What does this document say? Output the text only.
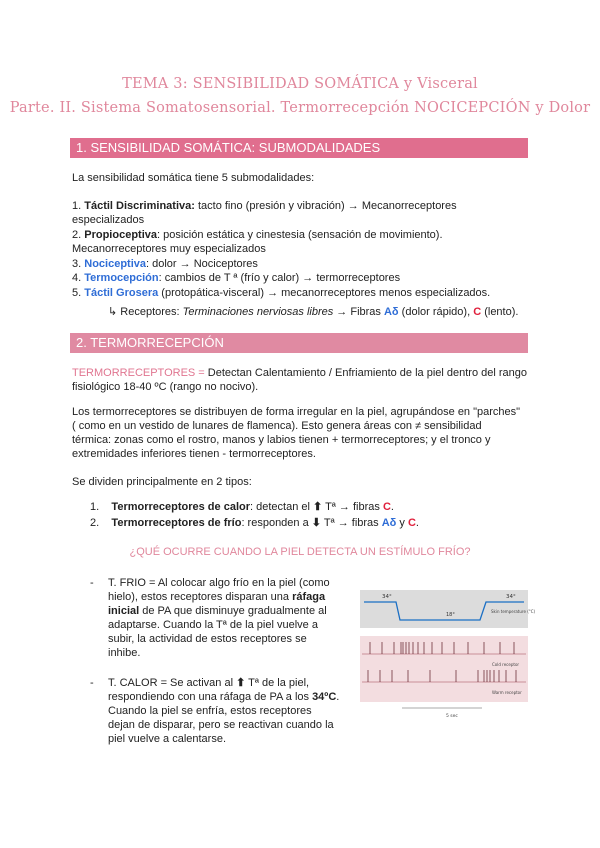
TEMA 3: SENSIBILIDAD SOMÁTICA y Visceral
Parte. II. Sistema Somatosensorial. Termorrecepción NOCICEPCIÓN y Dolor
1. SENSIBILIDAD SOMÁTICA: SUBMODALIDADES
La sensibilidad somática tiene 5 submodalidades:
1. Táctil Discriminativa: tacto fino (presión y vibración) → Mecanorreceptores
especializados
2. Propioceptiva: posición estática y cinestesia (sensación de movimiento).
Mecanorreceptores muy especializados
3. Nociceptiva: dolor → Nociceptores
4. Termocepción: cambios de T ª (frío y calor) → termorreceptores
5. Táctil Grosera (protopática-visceral) → mecanorreceptores menos especializados.
↳ Receptores: Terminaciones nerviosas libres → Fibras Aδ (dolor rápido), C (lento).
2. TERMORRECEPCIÓN
TERMORRECEPTORES = Detectan Calentamiento / Enfriamiento de la piel dentro del rango
fisiológico 18-40 ºC (rango no nocivo).
Los termorreceptores se distribuyen de forma irregular en la piel, agrupándose en "parches"
( como en un vestido de lunares de flamenca). Esto genera áreas con ≠ sensibilidad
térmica: zonas como el rostro, manos y labios tienen + termorreceptores; y el tronco y
extremidades inferiores tienen - termorreceptores.
Se dividen principalmente en 2 tipos:
1. Termorreceptores de calor: detectan el ⬆ Tª → fibras C.
2. Termorreceptores de frío: responden a ⬇ Tª → fibras Aδ y C.
¿QUÉ OCURRE CUANDO LA PIEL DETECTA UN ESTÍMULO FRÍO?
- T. FRIO = Al colocar algo frío en la piel (como
hielo), estos receptores disparan una ráfaga
inicial de PA que disminuye gradualmente al
adaptarse. Cuando la Tª de la piel vuelve a
subir, la actividad de estos receptores se
inhibe.
- T. CALOR = Se activan al ⬆ Tª de la piel,
respondiendo con una ráfaga de PA a los 34ºC.
Cuando la piel se enfría, estos receptores
dejan de disparar, pero se reactivan cuando la
piel vuelve a calentarse.
34°	34°
18°
Skin temperature (°C)
Cold receptor
Warm receptor
5 sec
